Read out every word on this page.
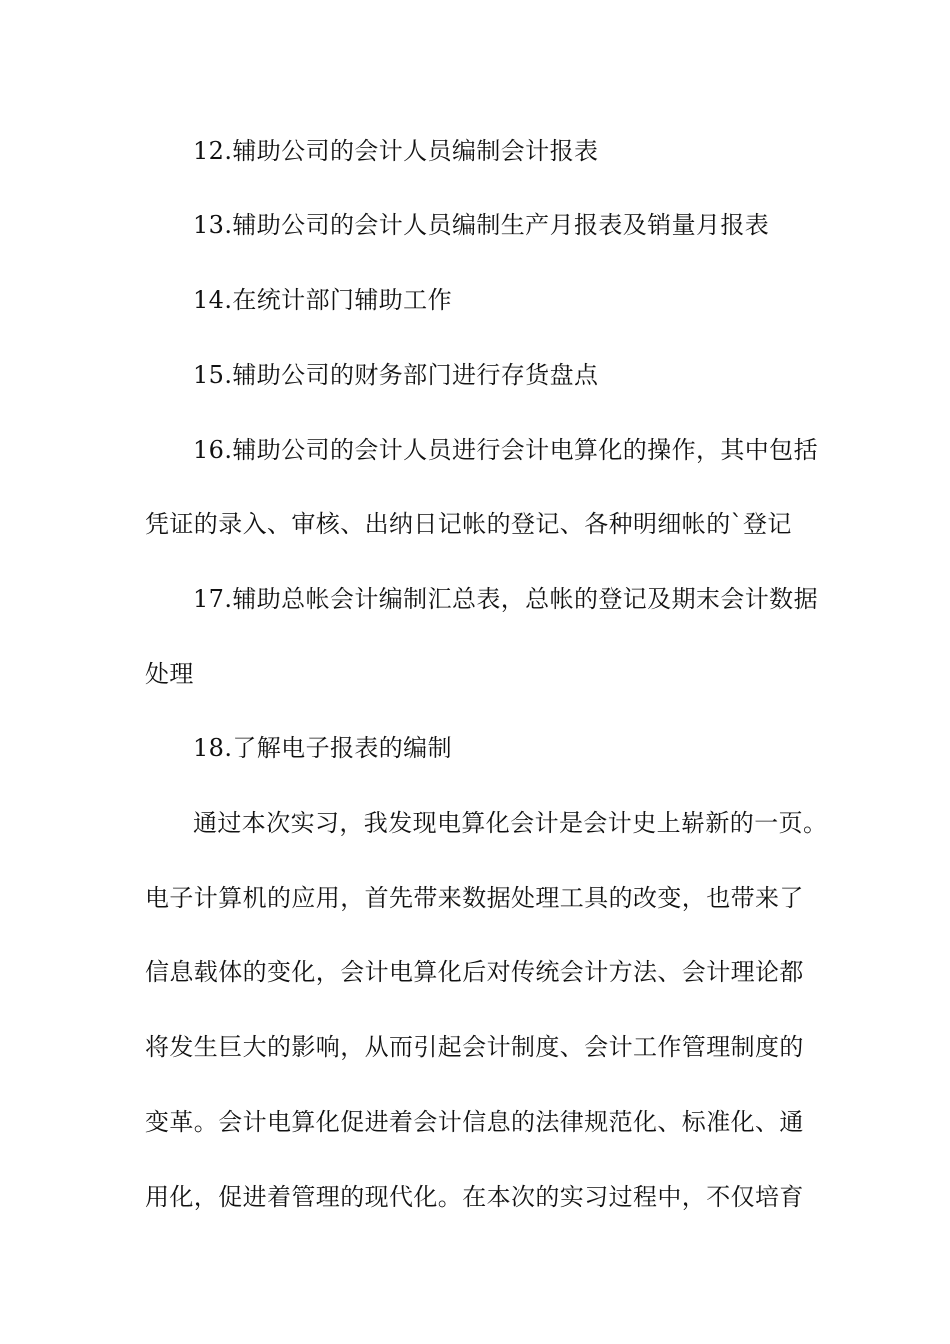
12.辅助公司的会计人员编制会计报表
13.辅助公司的会计人员编制生产月报表及销量月报表
14.在统计部门辅助工作
15.辅助公司的财务部门进行存货盘点
16.辅助公司的会计人员进行会计电算化的操作，其中包括
凭证的录入、审核、出纳日记帐的登记、各种明细帐的`登记
17.辅助总帐会计编制汇总表，总帐的登记及期末会计数据
处理
18.了解电子报表的编制
通过本次实习，我发现电算化会计是会计史上崭新的一页。
电子计算机的应用，首先带来数据处理工具的改变，也带来了
信息载体的变化，会计电算化后对传统会计方法、会计理论都
将发生巨大的影响，从而引起会计制度、会计工作管理制度的
变革。会计电算化促进着会计信息的法律规范化、标准化、通
用化，促进着管理的现代化。在本次的实习过程中，不仅培育
